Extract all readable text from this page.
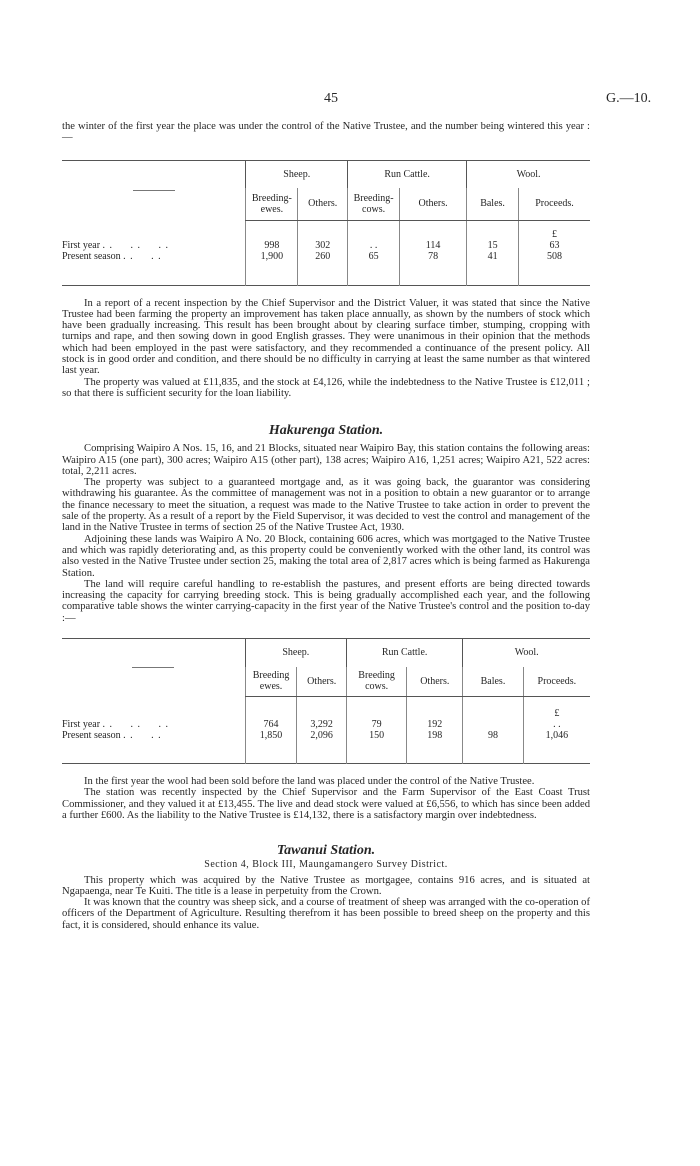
45	G.—10.

the winter of the first year the place was under the control of the Native Trustee, and the number being wintered this year :—

	Sheep.		Run Cattle.		Wool.	
	Breeding-ewes.	Others.	Breeding-cows.	Others.	Bales.	Proceeds.
						£
First year . .     . .     . .	998	302	. .	114	15	63
Present season . .     . .	1,900	260	65	78	41	508

In a report of a recent inspection by the Chief Supervisor and the District Valuer, it was stated that since the Native Trustee had been farming the property an improvement has taken place annually, as shown by the numbers of stock which have been gradually increasing. This result has been brought about by clearing surface timber, stumping, cropping with turnips and rape, and then sowing down in good English grasses. They were unanimous in their opinion that the methods which had been employed in the past were satisfactory, and they recommended a continuance of the present policy. All stock is in good order and condition, and there should be no difficulty in carrying at least the same number as that wintered last year.

The property was valued at £11,835, and the stock at £4,126, while the indebtedness to the Native Trustee is £12,011 ; so that there is sufficient security for the loan liability.

Hakurenga Station.

Comprising Waipiro A Nos. 15, 16, and 21 Blocks, situated near Waipiro Bay, this station contains the following areas: Waipiro A15 (one part), 300 acres; Waipiro A15 (other part), 138 acres; Waipiro A16, 1,251 acres; Waipiro A21, 522 acres: total, 2,211 acres.

The property was subject to a guaranteed mortgage and, as it was going back, the guarantor was considering withdrawing his guarantee. As the committee of management was not in a position to obtain a new guarantor or to arrange the finance necessary to meet the situation, a request was made to the Native Trustee to take action in order to prevent the sale of the property. As a result of a report by the Field Supervisor, it was decided to vest the control and management of the land in the Native Trustee in terms of section 25 of the Native Trustee Act, 1930.

Adjoining these lands was Waipiro A No. 20 Block, containing 606 acres, which was mortgaged to the Native Trustee and which was rapidly deteriorating and, as this property could be conveniently worked with the other land, its control was also vested in the Native Trustee under section 25, making the total area of 2,817 acres which is being farmed as Hakurenga Station.

The land will require careful handling to re-establish the pastures, and present efforts are being directed towards increasing the capacity for carrying breeding stock. This is being gradually accomplished each year, and the following comparative table shows the winter carrying-capacity in the first year of the Native Trustee's control and the position to-day :—

	Sheep.		Run Cattle.		Wool.	
	Breeding ewes.	Others.	Breeding cows.	Others.	Bales.	Proceeds.
						£
First year . .     . .     . .	764	3,292	79	192		. .
Present season . .     . .	1,850	2,096	150	198	98	1,046

In the first year the wool had been sold before the land was placed under the control of the Native Trustee.

The station was recently inspected by the Chief Supervisor and the Farm Supervisor of the East Coast Trust Commissioner, and they valued it at £13,455. The live and dead stock were valued at £6,556, to which has since been added a further £600. As the liability to the Native Trustee is £14,132, there is a satisfactory margin over indebtedness.

Tawanui Station.
Section 4, Block III, Maungamangero Survey District.

This property which was acquired by the Native Trustee as mortgagee, contains 916 acres, and is situated at Ngapaenga, near Te Kuiti. The title is a lease in perpetuity from the Crown.

It was known that the country was sheep sick, and a course of treatment of sheep was arranged with the co-operation of officers of the Department of Agriculture. Resulting therefrom it has been possible to breed sheep on the property and this fact, it is considered, should enhance its value.
